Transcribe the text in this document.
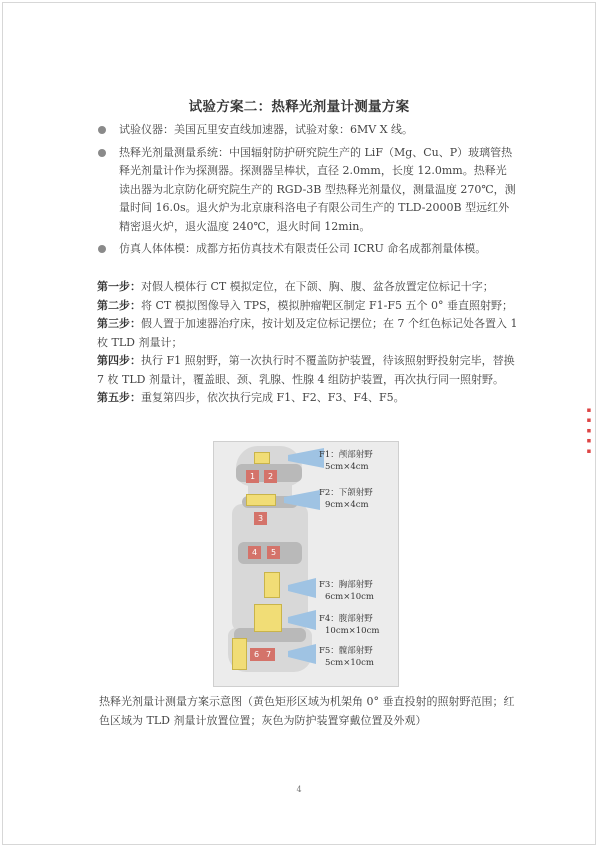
试验方案二：热释光剂量计测量方案
试验仪器：美国瓦里安直线加速器，试验对象：6MV X 线。
热释光剂量测量系统：中国辐射防护研究院生产的 LiF（Mg、Cu、P）玻璃管热释光剂量计作为探测器。探测器呈棒状，直径 2.0mm，长度 12.0mm。热释光读出器为北京防化研究院生产的 RGD-3B 型热释光剂量仪，测量温度 270℃，测量时间 16.0s。退火炉为北京康科洛电子有限公司生产的 TLD-2000B 型远红外精密退火炉，退火温度 240℃，退火时间 12min。
仿真人体体模：成都方拓仿真技术有限责任公司 ICRU 命名成都剂量体模。

第一步：对假人模体行 CT 模拟定位，在下颌、胸、腹、盆各放置定位标记十字；

第二步：将 CT 模拟图像导入 TPS，模拟肿瘤靶区制定 F1-F5 五个 0° 垂直照射野；

第三步：假人置于加速器治疗床，按计划及定位标记摆位；在 7 个红色标记处各置入 1 枚 TLD 剂量计；

第四步：执行 F1 照射野，第一次执行时不覆盖防护装置，待该照射野投射完毕，替换 7 枚 TLD 剂量计，覆盖眼、颈、乳腺、性腺 4 组防护装置，再次执行同一照射野。

第五步：重复第四步，依次执行完成 F1、F2、F3、F4、F5。

1	2
3
4	5
6 7
F1：颅部射野
5cm×4cm
F2：下颌射野
9cm×4cm
F3：胸部射野
6cm×10cm
F4：腹部射野
10cm×10cm
F5：髋部射野
5cm×10cm
热释光剂量计测量方案示意图（黄色矩形区域为机架角 0° 垂直投射的照射野范围；红色区域为 TLD 剂量计放置位置；灰色为防护装置穿戴位置及外观）
4
▪ ▪ ▪ ▪ ▪
